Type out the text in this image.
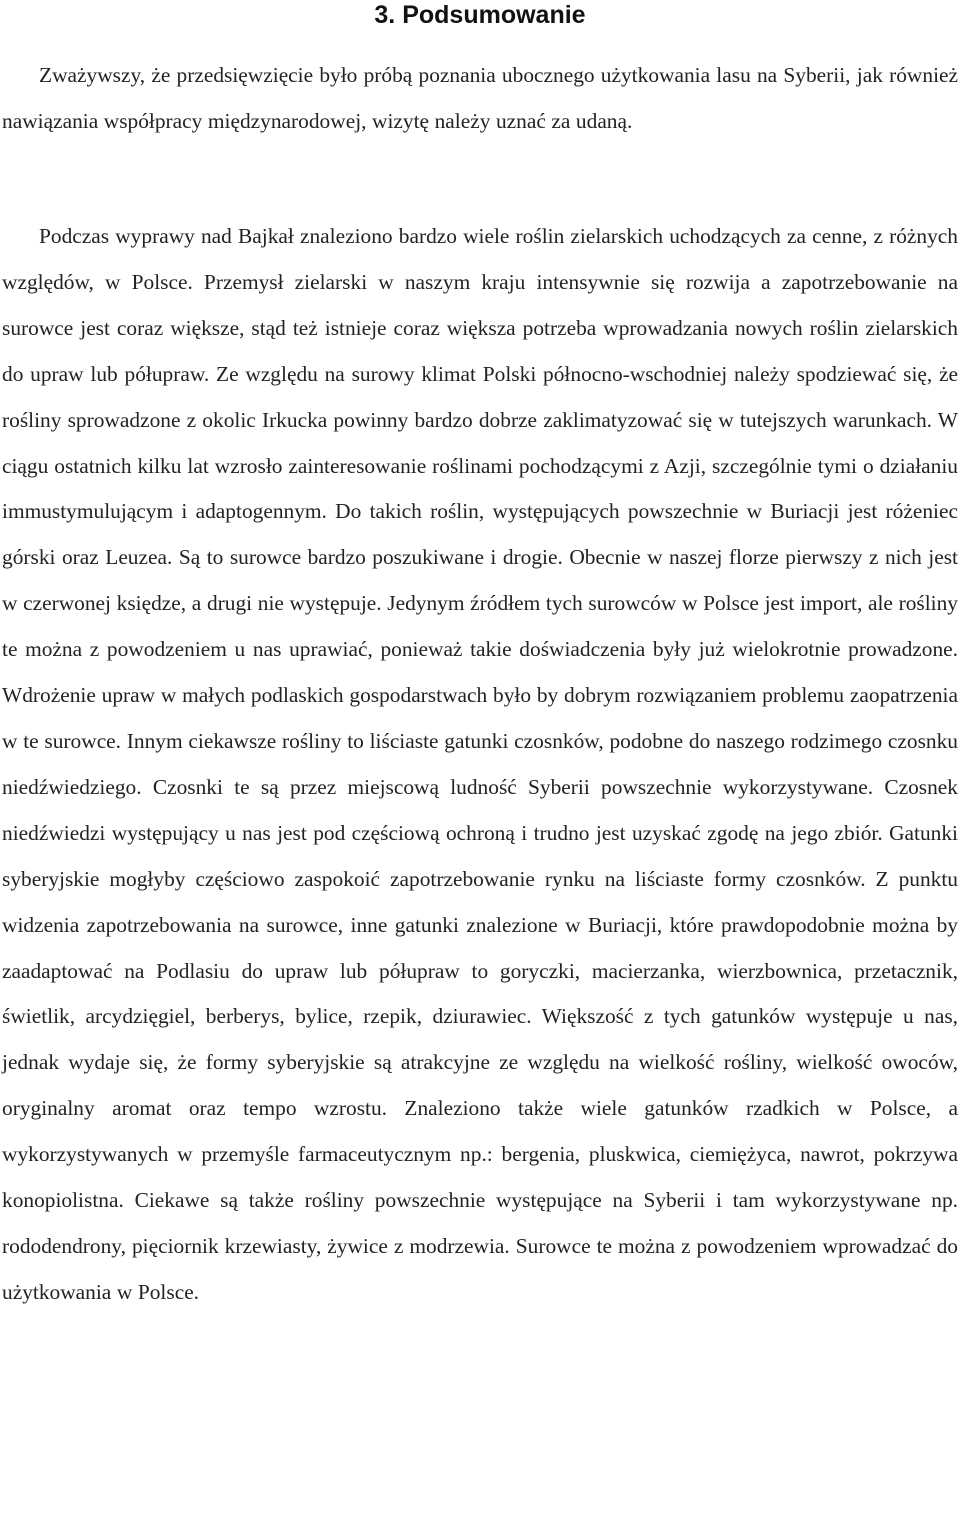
3. Podsumowanie

Zważywszy, że przedsięwzięcie było próbą poznania ubocznego użytkowania lasu na Syberii, jak również nawiązania współpracy międzynarodowej, wizytę należy uznać za udaną.

Podczas wyprawy nad Bajkał znaleziono bardzo wiele roślin zielarskich uchodzących za cenne, z różnych względów, w Polsce. Przemysł zielarski w naszym kraju intensywnie się rozwija a zapotrzebowanie na surowce jest coraz większe, stąd też istnieje coraz większa potrzeba wprowadzania nowych roślin zielarskich do upraw lub półupraw. Ze względu na surowy klimat Polski północno-wschodniej należy spodziewać się, że rośliny sprowadzone z okolic Irkucka powinny bardzo dobrze zaklimatyzować się w tutejszych warunkach. W ciągu ostatnich kilku lat wzrosło zainteresowanie roślinami pochodzącymi z Azji, szczególnie tymi o działaniu immustymulującym i adaptogennym. Do takich roślin, występujących powszechnie w Buriacji jest różeniec górski oraz Leuzea. Są to surowce bardzo poszukiwane i drogie. Obecnie w naszej florze pierwszy z nich jest w czerwonej księdze, a drugi nie występuje. Jedynym źródłem tych surowców w Polsce jest import, ale rośliny te można z powodzeniem u nas uprawiać, ponieważ takie doświadczenia były już wielokrotnie prowadzone. Wdrożenie upraw w małych podlaskich gospodarstwach było by dobrym rozwiązaniem problemu zaopatrzenia w te surowce. Innym ciekawsze rośliny to liściaste gatunki czosnków, podobne do naszego rodzimego czosnku niedźwiedziego. Czosnki te są przez miejscową ludność Syberii powszechnie wykorzystywane. Czosnek niedźwiedzi występujący u nas jest pod częściową ochroną i trudno jest uzyskać zgodę na jego zbiór. Gatunki syberyjskie mogłyby częściowo zaspokoić zapotrzebowanie rynku na liściaste formy czosnków. Z punktu widzenia zapotrzebowania na surowce, inne gatunki znalezione w Buriacji, które prawdopodobnie można by zaadaptować na Podlasiu do upraw lub półupraw to goryczki, macierzanka, wierzbownica, przetacznik, świetlik, arcydzięgiel, berberys, bylice, rzepik, dziurawiec. Większość z tych gatunków występuje u nas, jednak wydaje się, że formy syberyjskie są atrakcyjne ze względu na wielkość rośliny, wielkość owoców, oryginalny aromat oraz tempo wzrostu. Znaleziono także wiele gatunków rzadkich w Polsce, a wykorzystywanych w przemyśle farmaceutycznym np.: bergenia, pluskwica, ciemiężyca, nawrot, pokrzywa konopiolistna. Ciekawe są także rośliny powszechnie występujące na Syberii i tam wykorzystywane np. rododendrony, pięciornik krzewiasty, żywice z modrzewia. Surowce te można z powodzeniem wprowadzać do użytkowania w Polsce.
